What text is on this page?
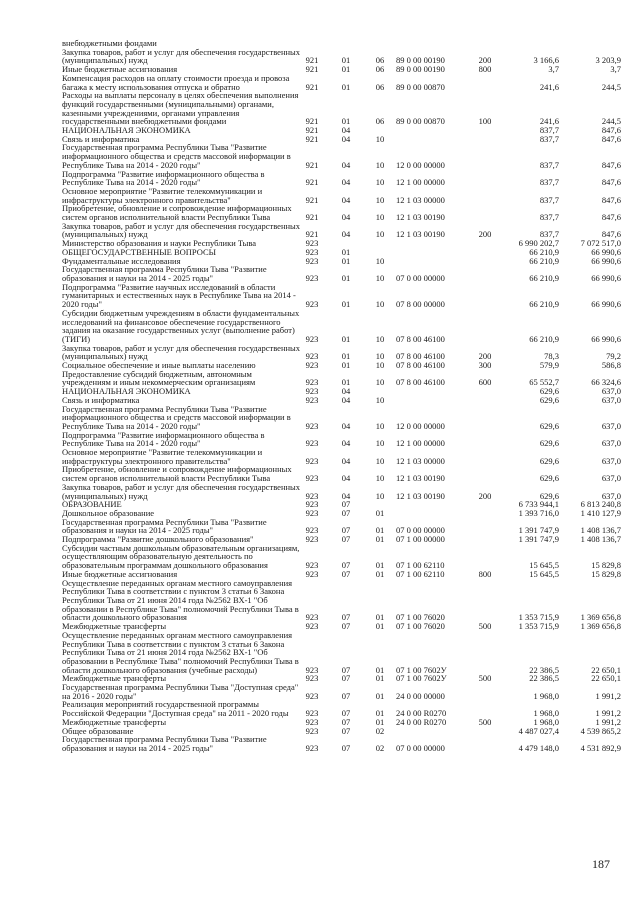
внебюджетными фондами
Закупка товаров, работ и услуг для обеспечения государственных (муниципальных) нужд	921	01	06	89 0 00 00190	200	3 166,6	3 203,9
Иные бюджетные ассигнования	921	01	06	89 0 00 00190	800	3,7	3,7
Компенсация расходов на оплату стоимости проезда и провоза багажа к месту использования отпуска и обратно	921	01	06	89 0 00 00870	241,6	244,5
Расходы на выплаты персоналу в целях обеспечения выполнения функций государственными (муниципальными) органами, казенными учреждениями, органами управления государственными внебюджетными фондами	921	01	06	89 0 00 00870	100	241,6	244,5
НАЦИОНАЛЬНАЯ ЭКОНОМИКА	921	04	837,7	847,6
Связь и информатика	921	04	10	837,7	847,6
Государственная программа Республики Тыва "Развитие информационного общества и средств массовой информации в Республике Тыва на 2014 - 2020 годы"	921	04	10	12 0 00 00000	837,7	847,6
Подпрограмма "Развитие информационного общества в Республике Тыва на 2014 - 2020 годы"	921	04	10	12 1 00 00000	837,7	847,6
Основное мероприятие "Развитие телекоммуникации и инфраструктуры электронного правительства"	921	04	10	12 1 03 00000	837,7	847,6
Приобретение, обновление и сопровождение информационных систем органов исполнительной власти Республики Тыва	921	04	10	12 1 03 00190	837,7	847,6
Закупка товаров, работ и услуг для обеспечения государственных (муниципальных) нужд	921	04	10	12 1 03 00190	200	837,7	847,6
Министерство образования и науки Республики Тыва	923	6 990 202,7	7 072 517,0
ОБЩЕГОСУДАРСТВЕННЫЕ ВОПРОСЫ	923	01	66 210,9	66 990,6
Фундаментальные исследования	923	01	10	66 210,9	66 990,6
Государственная программа Республики Тыва "Развитие образования и науки на 2014 - 2025 годы"	923	01	10	07 0 00 00000	66 210,9	66 990,6
Подпрограмма "Развитие научных исследований в области гуманитарных и естественных наук в Республике Тыва на 2014 - 2020 годы"	923	01	10	07 8 00 00000	66 210,9	66 990,6
Субсидии бюджетным учреждениям в области фундаментальных исследований на финансовое обеспечение государственного задания на оказание государственных услуг (выполнение работ) (ТИГИ)	923	01	10	07 8 00 46100	66 210,9	66 990,6
Закупка товаров, работ и услуг для обеспечения государственных (муниципальных) нужд	923	01	10	07 8 00 46100	200	78,3	79,2
Социальное обеспечение и иные выплаты населению	923	01	10	07 8 00 46100	300	579,9	586,8
Предоставление субсидий бюджетным, автономным учреждениям и иным некоммерческим организациям	923	01	10	07 8 00 46100	600	65 552,7	66 324,6
НАЦИОНАЛЬНАЯ ЭКОНОМИКА	923	04	629,6	637,0
Связь и информатика	923	04	10	629,6	637,0
Государственная программа Республики Тыва "Развитие информационного общества и средств массовой информации в Республике Тыва на 2014 - 2020 годы"	923	04	10	12 0 00 00000	629,6	637,0
Подпрограмма "Развитие информационного общества в Республике Тыва на 2014 - 2020 годы"	923	04	10	12 1 00 00000	629,6	637,0
Основное мероприятие "Развитие телекоммуникации и инфраструктуры электронного правительства"	923	04	10	12 1 03 00000	629,6	637,0
Приобретение, обновление и сопровождение информационных систем органов исполнительной власти Республики Тыва	923	04	10	12 1 03 00190	629,6	637,0
Закупка товаров, работ и услуг для обеспечения государственных (муниципальных) нужд	923	04	10	12 1 03 00190	200	629,6	637,0
ОБРАЗОВАНИЕ	923	07	6 733 944,1	6 813 240,8
Дошкольное образование	923	07	01	1 393 716,0	1 410 127,9
Государственная программа Республики Тыва "Развитие образования и науки на 2014 - 2025 годы"	923	07	01	07 0 00 00000	1 391 747,9	1 408 136,7
Подпрограмма "Развитие дошкольного образования"	923	07	01	07 1 00 00000	1 391 747,9	1 408 136,7
Субсидии частным дошкольным образовательным организациям, осуществляющим образовательную деятельность по образовательным программам дошкольного образования	923	07	01	07 1 00 62110	15 645,5	15 829,8
Иные бюджетные ассигнования	923	07	01	07 1 00 62110	800	15 645,5	15 829,8
Осуществление переданных органам местного самоуправления Республики Тыва в соответствии с пунктом 3 статьи 6 Закона Республики Тыва от 21 июня 2014 года №2562 ВХ-1 "Об образовании в Республике Тыва" полномочий Республики Тыва в области дошкольного образования	923	07	01	07 1 00 76020	1 353 715,9	1 369 656,8
Межбюджетные трансферты	923	07	01	07 1 00 76020	500	1 353 715,9	1 369 656,8
Осуществление переданных органам местного самоуправления Республики Тыва в соответствии с пунктом 3 статьи 6 Закона Республики Тыва от 21 июня 2014 года №2562 ВХ-1 "Об образовании в Республике Тыва" полномочий Республики Тыва в области дошкольного образования (учебные расходы)	923	07	01	07 1 00 7602У	22 386,5	22 650,1
Межбюджетные трансферты	923	07	01	07 1 00 7602У	500	22 386,5	22 650,1
Государственная программа Республики Тыва "Доступная среда" на 2016 - 2020 годы"	923	07	01	24 0 00 00000	1 968,0	1 991,2
Реализация мероприятий государственной программы Российской Федерации "Доступная среда" на 2011 - 2020 годы	923	07	01	24 0 00 R0270	1 968,0	1 991,2
Межбюджетные трансферты	923	07	01	24 0 00 R0270	500	1 968,0	1 991,2
Общее образование	923	07	02	4 487 027,4	4 539 865,2
Государственная программа Республики Тыва "Развитие образования и науки на 2014 - 2025 годы"	923	07	02	07 0 00 00000	4 479 148,0	4 531 892,9
187
